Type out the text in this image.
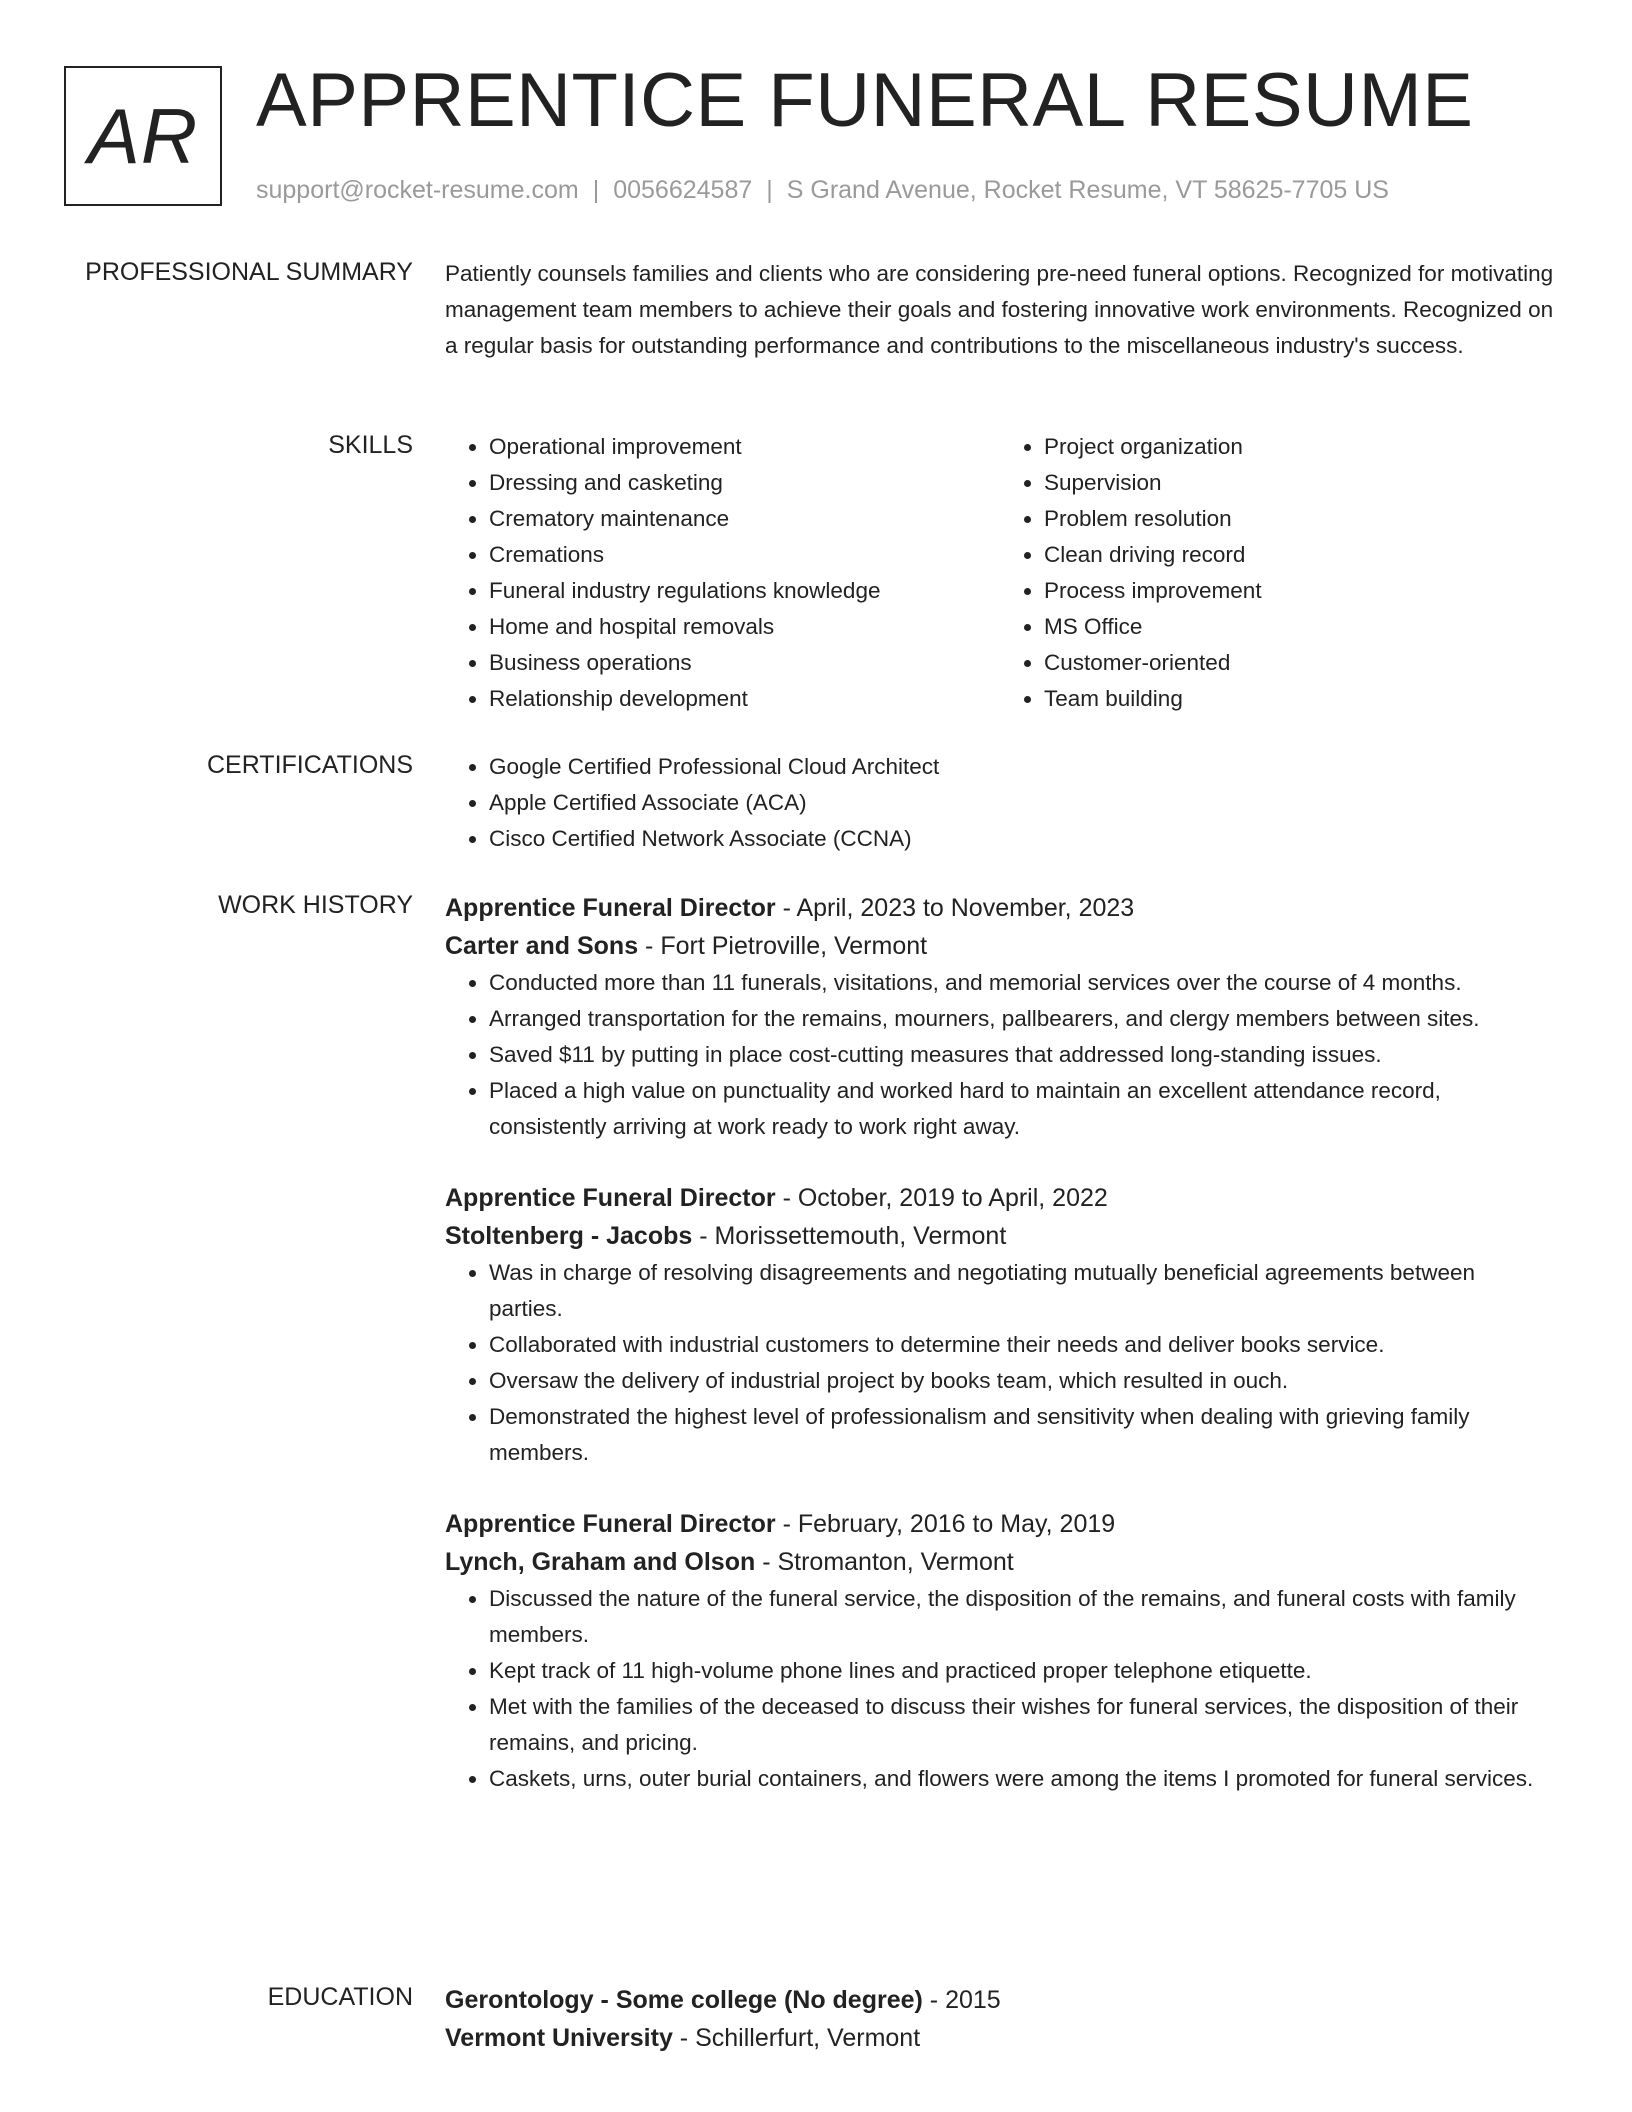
AR APPRENTICE FUNERAL RESUME
support@rocket-resume.com | 0056624587 | S Grand Avenue, Rocket Resume, VT 58625-7705 US
PROFESSIONAL SUMMARY Patiently counsels families and clients who are considering pre-need funeral options. Recognized for motivating management team members to achieve their goals and fostering innovative work environments. Recognized on a regular basis for outstanding performance and contributions to the miscellaneous industry's success.

SKILLS	• Operational improvement
• Dressing and casketing
• Crematory maintenance
• Cremations
• Funeral industry regulations knowledge
• Home and hospital removals
• Business operations
• Relationship development
• Project organization
• Supervision
• Problem resolution
• Clean driving record
• Process improvement
• MS Office
• Customer-oriented
• Team building
CERTIFICATIONS	• Google Certified Professional Cloud Architect
• Apple Certified Associate (ACA)
• Cisco Certified Network Associate (CCNA)
WORK HISTORY Apprentice Funeral Director - April, 2023 to November, 2023
Carter and Sons - Fort Pietroville, Vermont
• Conducted more than 11 funerals, visitations, and memorial services over the course of 4 months.
• Arranged transportation for the remains, mourners, pallbearers, and clergy members between sites.
• Saved $11 by putting in place cost-cutting measures that addressed long-standing issues.
• Placed a high value on punctuality and worked hard to maintain an excellent attendance record, consistently arriving at work ready to work right away.
Apprentice Funeral Director - October, 2019 to April, 2022
Stoltenberg - Jacobs - Morissettemouth, Vermont
• Was in charge of resolving disagreements and negotiating mutually beneficial agreements between parties.
• Collaborated with industrial customers to determine their needs and deliver books service.
• Oversaw the delivery of industrial project by books team, which resulted in ouch.
• Demonstrated the highest level of professionalism and sensitivity when dealing with grieving family members.
Apprentice Funeral Director - February, 2016 to May, 2019
Lynch, Graham and Olson - Stromanton, Vermont
• Discussed the nature of the funeral service, the disposition of the remains, and funeral costs with family members.
• Kept track of 11 high-volume phone lines and practiced proper telephone etiquette.
• Met with the families of the deceased to discuss their wishes for funeral services, the disposition of their remains, and pricing.
• Caskets, urns, outer burial containers, and flowers were among the items I promoted for funeral services.
EDUCATION Gerontology - Some college (No degree) - 2015
Vermont University - Schillerfurt, Vermont
